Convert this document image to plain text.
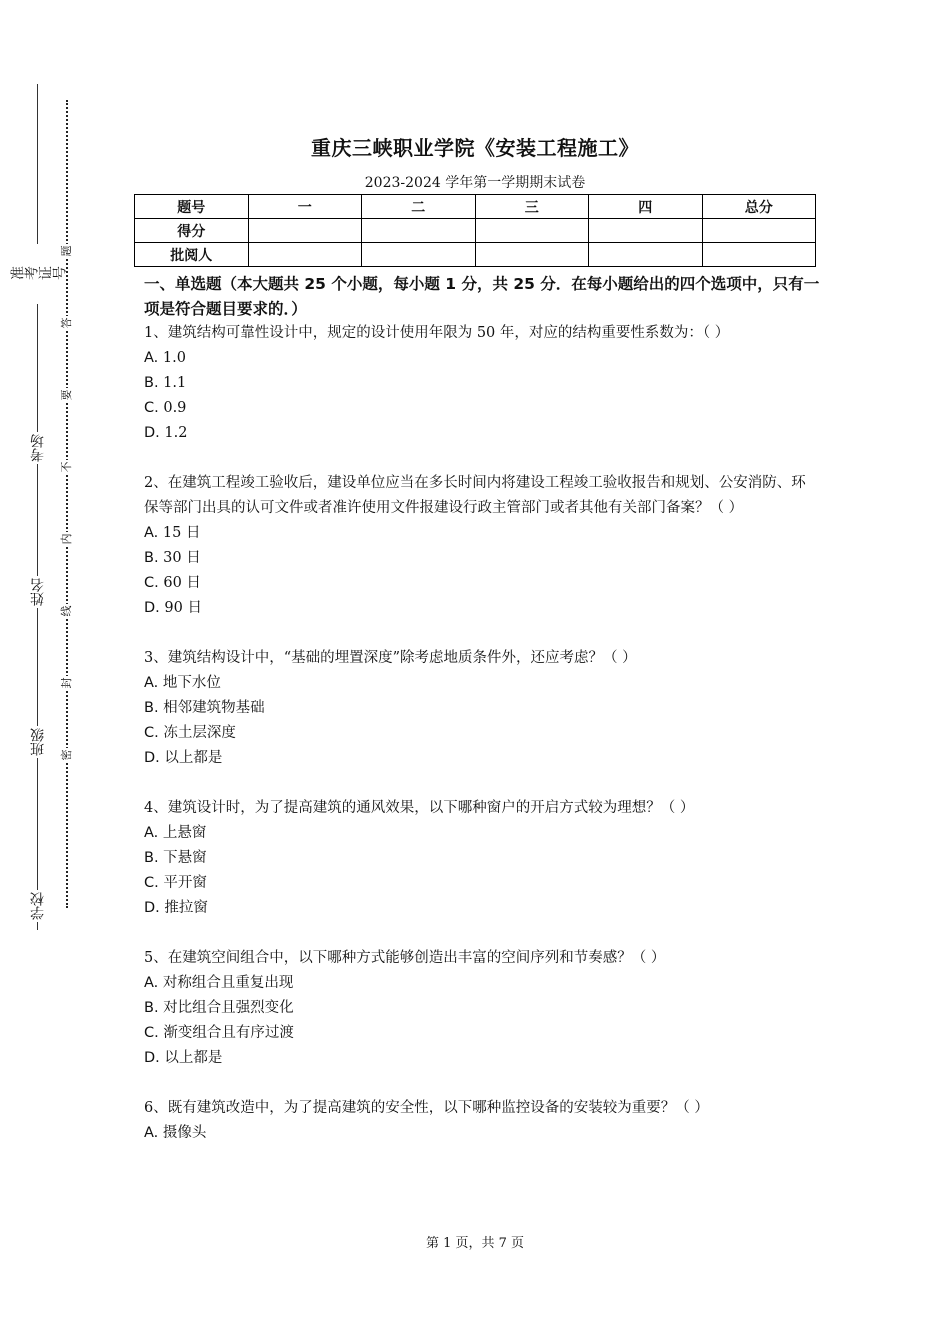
准考证号
考场
姓名
班级
学校
题
答
要
不
内
线
封
密
重庆三峡职业学院《安装工程施工》
2023-2024 学年第一学期期末试卷
题号	一	二	三	四	总分
得分					
批阅人					
一、单选题（本大题共 25 个小题，每小题 1 分，共 25 分．在每小题给出的四个选项中，只有一项是符合题目要求的．）
1、建筑结构可靠性设计中，规定的设计使用年限为 50 年，对应的结构重要性系数为：（ ）
A. 1.0
B. 1.1
C. 0.9
D. 1.2
2、在建筑工程竣工验收后，建设单位应当在多长时间内将建设工程竣工验收报告和规划、公安消防、环保等部门出具的认可文件或者准许使用文件报建设行政主管部门或者其他有关部门备案？（ ）
A. 15 日
B. 30 日
C. 60 日
D. 90 日
3、建筑结构设计中，“基础的埋置深度”除考虑地质条件外，还应考虑？（ ）
A. 地下水位
B. 相邻建筑物基础
C. 冻土层深度
D. 以上都是
4、建筑设计时，为了提高建筑的通风效果，以下哪种窗户的开启方式较为理想？（ ）
A. 上悬窗
B. 下悬窗
C. 平开窗
D. 推拉窗
5、在建筑空间组合中，以下哪种方式能够创造出丰富的空间序列和节奏感？（ ）
A. 对称组合且重复出现
B. 对比组合且强烈变化
C. 渐变组合且有序过渡
D. 以上都是
6、既有建筑改造中，为了提高建筑的安全性，以下哪种监控设备的安装较为重要？（ ）
A. 摄像头
第 1 页，共 7 页
